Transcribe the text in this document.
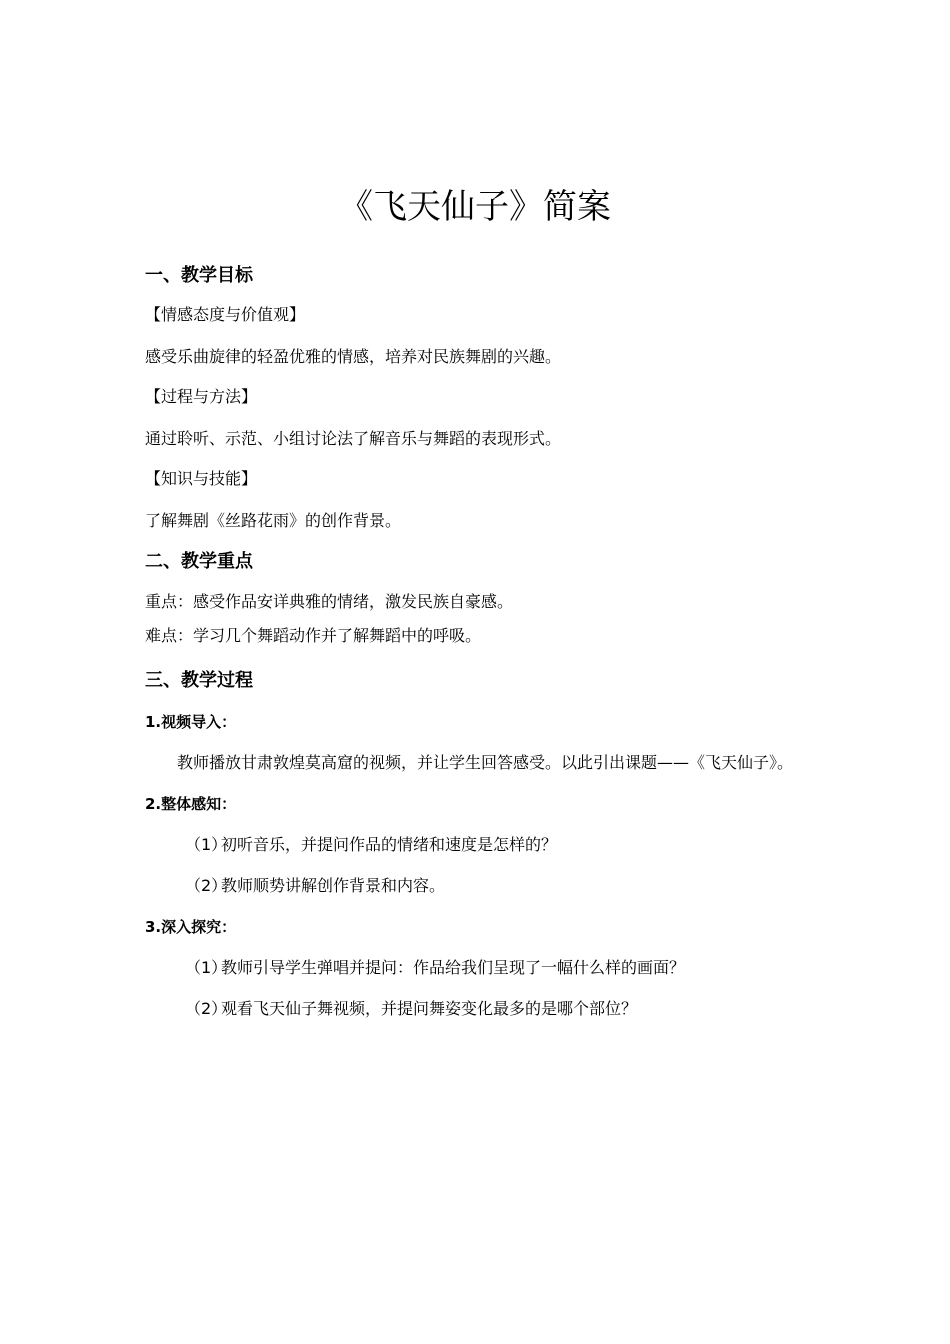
《飞天仙子》简案
一、教学目标
【情感态度与价值观】
感受乐曲旋律的轻盈优雅的情感，培养对民族舞剧的兴趣。
【过程与方法】
通过聆听、示范、小组讨论法了解音乐与舞蹈的表现形式。
【知识与技能】
了解舞剧《丝路花雨》的创作背景。
二、教学重点
重点：感受作品安详典雅的情绪，激发民族自豪感。
难点：学习几个舞蹈动作并了解舞蹈中的呼吸。
三、教学过程
1.视频导入：
教师播放甘肃敦煌莫高窟的视频，并让学生回答感受。以此引出课题——《飞天仙子》。
2.整体感知：
（1）初听音乐，并提问作品的情绪和速度是怎样的？
（2）教师顺势讲解创作背景和内容。
3.深入探究：
（1）教师引导学生弹唱并提问：作品给我们呈现了一幅什么样的画面？
（2）观看飞天仙子舞视频，并提问舞姿变化最多的是哪个部位？
